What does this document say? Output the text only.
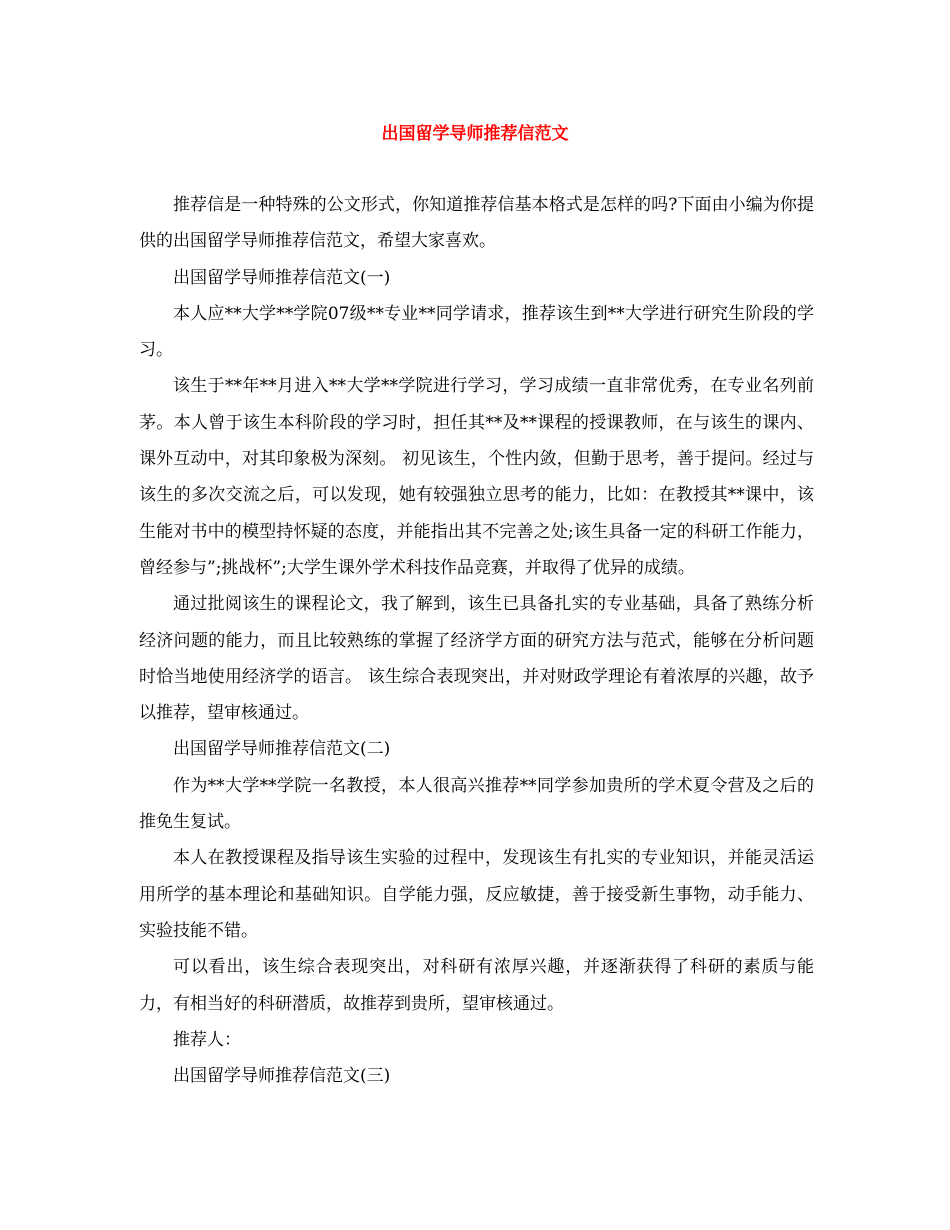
出国留学导师推荐信范文

推荐信是一种特殊的公文形式，你知道推荐信基本格式是怎样的吗?下面由小编为你提供的出国留学导师推荐信范文，希望大家喜欢。

出国留学导师推荐信范文(一)

本人应**大学**学院07级**专业**同学请求，推荐该生到**大学进行研究生阶段的学习。

该生于**年**月进入**大学**学院进行学习，学习成绩一直非常优秀，在专业名列前茅。本人曾于该生本科阶段的学习时，担任其**及**课程的授课教师，在与该生的课内、课外互动中，对其印象极为深刻。 初见该生，个性内敛，但勤于思考，善于提问。经过与该生的多次交流之后，可以发现，她有较强独立思考的能力，比如：在教授其**课中，该生能对书中的模型持怀疑的态度，并能指出其不完善之处;该生具备一定的科研工作能力，曾经参与”;挑战杯”;大学生课外学术科技作品竞赛，并取得了优异的成绩。

通过批阅该生的课程论文，我了解到，该生已具备扎实的专业基础，具备了熟练分析经济问题的能力，而且比较熟练的掌握了经济学方面的研究方法与范式，能够在分析问题时恰当地使用经济学的语言。 该生综合表现突出，并对财政学理论有着浓厚的兴趣，故予以推荐，望审核通过。

出国留学导师推荐信范文(二)

作为**大学**学院一名教授，本人很高兴推荐**同学参加贵所的学术夏令营及之后的推免生复试。

本人在教授课程及指导该生实验的过程中，发现该生有扎实的专业知识，并能灵活运用所学的基本理论和基础知识。自学能力强，反应敏捷，善于接受新生事物，动手能力、实验技能不错。

可以看出，该生综合表现突出，对科研有浓厚兴趣，并逐渐获得了科研的素质与能力，有相当好的科研潜质，故推荐到贵所，望审核通过。

推荐人：

出国留学导师推荐信范文(三)
